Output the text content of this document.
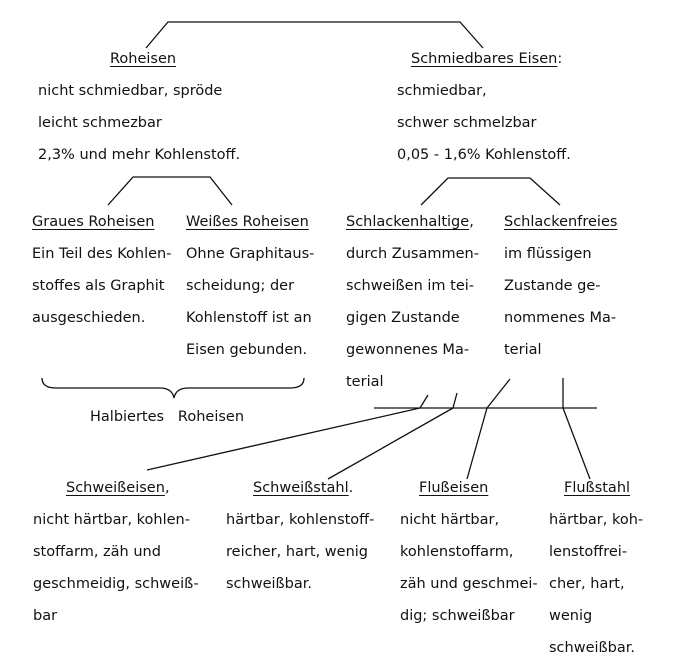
Roheisen
nicht schmiedbar, spröde
leicht schmezbar
2,3% und mehr Kohlenstoff.
Schmiedbares Eisen:
schmiedbar,
schwer schmelzbar
0,05 - 1,6% Kohlenstoff.
Graues Roheisen
Ein Teil des Kohlen-
stoffes als Graphit
ausgeschieden.
Weißes Roheisen
Ohne Graphitaus-
scheidung; der
Kohlenstoff ist an
Eisen gebunden.
Schlackenhaltige,
durch Zusammen-
schweißen im tei-
gigen Zustande
gewonnenes Ma-
terial
Schlackenfreies
im flüssigen
Zustande ge-
nommenes Ma-
terial
Halbiertes   Roheisen
Schweißeisen,
nicht härtbar, kohlen-
stoffarm, zäh und
geschmeidig, schweiß-
bar
Schweißstahl.
härtbar, kohlenstoff-
reicher, hart, wenig
schweißbar.
Flußeisen
nicht härtbar,
kohlenstoffarm,
zäh und geschmei-
dig; schweißbar
Flußstahl
härtbar, koh-
lenstoffrei-
cher, hart,
wenig
schweißbar.
